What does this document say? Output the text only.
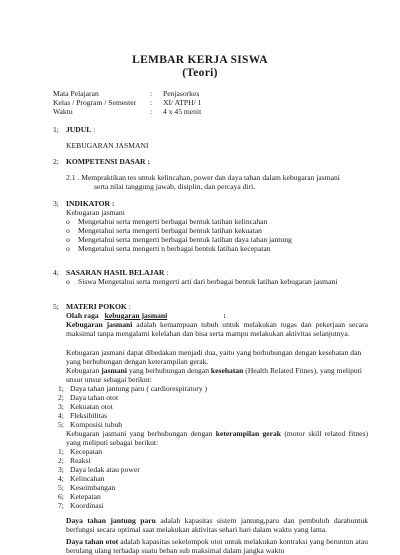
LEMBAR KERJA SISWA
(Teori)
Mata Pelajaran	: Penjasorkes
Kelas / Program / Semester : XI/ ATPH/ 1
Waktu	: 4 x 45 menit
1; JUDUL :
KEBUGARAN JASMANI
2; KOMPETENSI DASAR :
2.1 . Mempraktikan tes untuk kelincahan, power dan daya tahan dalam kebugaran jasmani
serta nilai tanggung jawab, disiplin, dan percaya diri.
3; INDIKATOR :
Kebugaran jasmani
o Mengetahui serta mengerti berbagai bentuk latihan kelincahan
o Mengetahui serta mengerti berbagai bentuk latihan kekuatan
o Mengetahui serta mengerti berbagai bentuk latihan daya tahan jantung
o Mengetahui serta mengerti n berbagai bentuk latihan kecepatan
4; SASARAN HASIL BELAJAR :
o Siswa Mengetahui serta mengerti arti dari berbagai bentuk latihan kebugaran jasmani
5; MATERI POKOK :
Olah raga kebugaran jasmani	:
Kebugaran jasmani adalah kemampuan tubuh untuk melakukan tugas dan pekerjaan secara maksimal tanpa mengalami kelelahan dan bisa serta mampu melakukan aktivitas selanjutnya.
Kebugaran jasmani dapat dibedakan menjadi dua, yaitu yang berhubungan dengan kesehatan dan yang berhubungan dengan keterampilan gerak.
Kebugaran jasmani yang berhubungan dengan kesehatan (Health Related Fitnes), yang meliputi unsur unsur sebagai berikut:
1; Daya tahan jantung paru ( cardiorespiratory )
2; Daya tahan otot
3; Kekuatan otot
4; Fleksibilitas
5; Komposisi tubuh
Kebugaran jasmani yang berhubungan dengan keterampilan gerak (motor skill related fitnes) yang meliputi sebagai berikut:
1; Kecepatan
2; Reaksi
3; Daya ledak atau power
4; Kelincahan
5; Keseimbangan
6; Ketepatan
7; Koordinasi
Daya tahan jantung paru adalah kapasitas sistem jantung,paru dan pembuluh darahuntuk berfungsi secara optimal saat melakukan aktivitas sehari hari dalam waktu yang lama.
Daya tahan otot adalah kapasitas sekelompok otot untuk melakukan kontraksi yang beruntun atau berulang ulang terhadap suatu beban sub maksimal dalam jangka waktu
